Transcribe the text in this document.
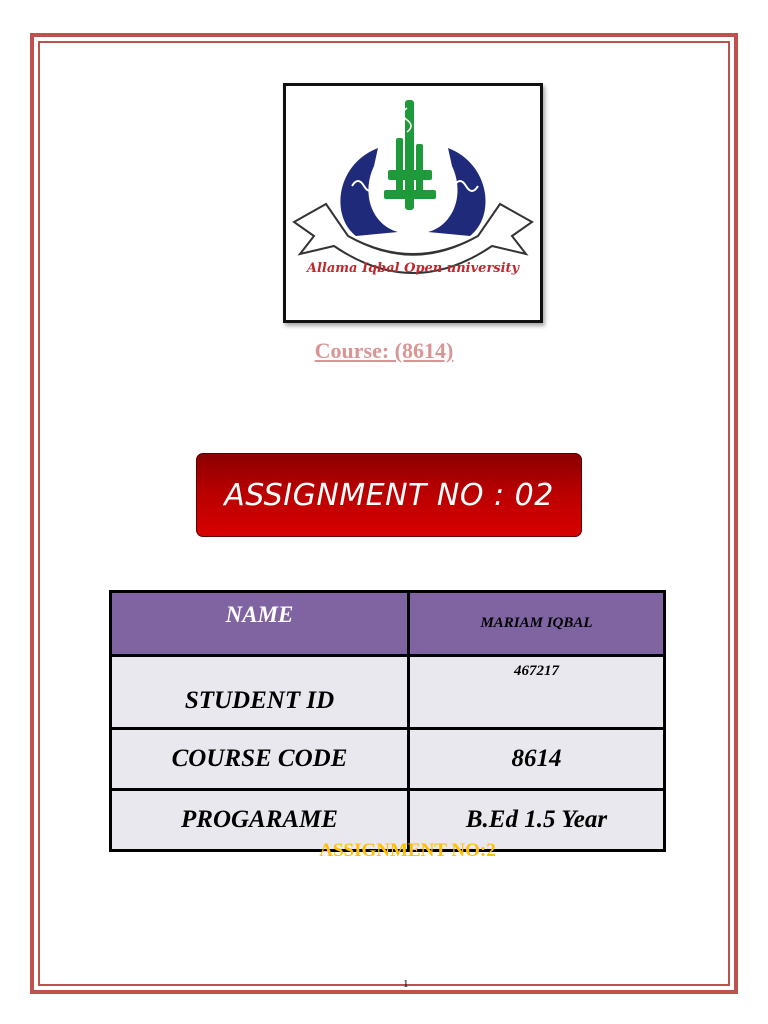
Allama Iqbal Open university
Course: (8614)
ASSIGNMENT NO : 02
NAME	MARIAM IQBAL
STUDENT ID	467217
COURSE CODE	8614
PROGARAME	B.Ed 1.5 Year
ASSIGNMENT NO:2
1
